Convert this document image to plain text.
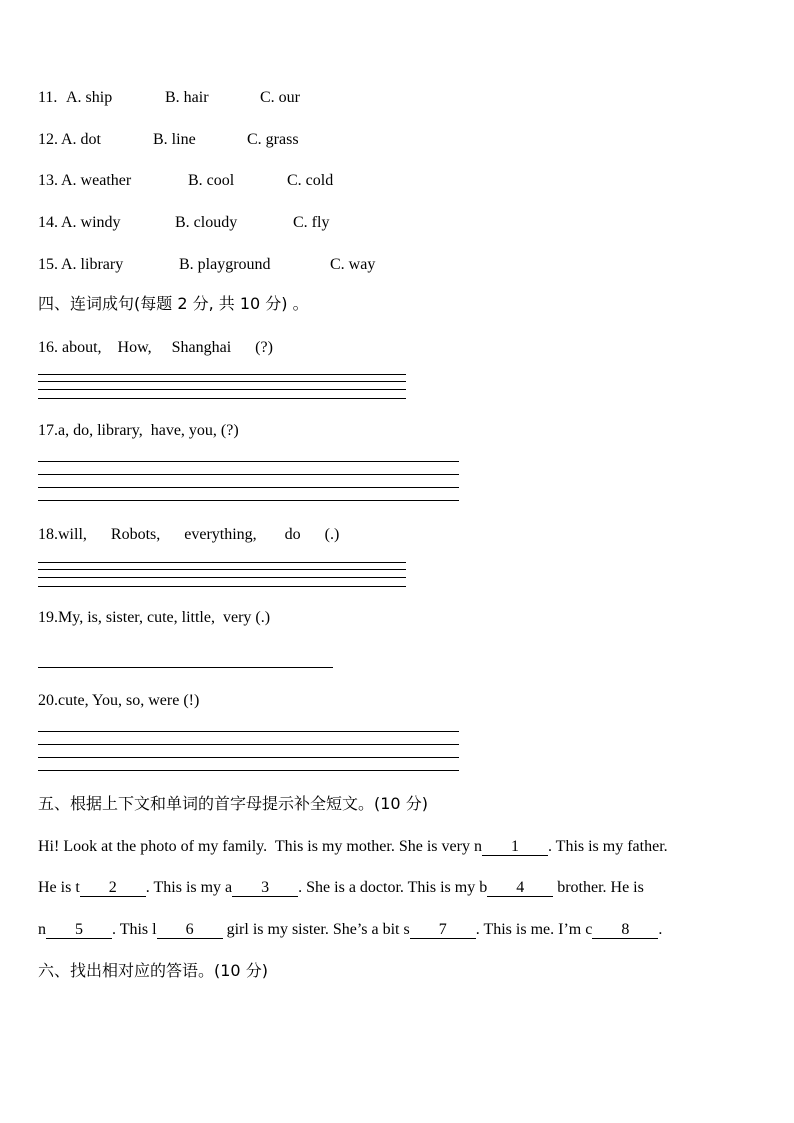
11. A. ship	B. hair	C. our
12. A. dot	B. line	C. grass
13. A. weather	B. cool	C. cold
14. A. windy	B. cloudy	C. fly
15. A. library	B. playground	C. way
四、连词成句(每题 2 分, 共 10 分) 。
16. about,    How,     Shanghai      (?)
17.a, do, library,  have, you, (?)
18.will,      Robots,      everything,       do      (.)
19.My, is, sister, cute, little,  very (.)
20.cute, You, so, were (!)
五、根据上下文和单词的首字母提示补全短文。(10 分)
Hi! Look at the photo of my family.  This is my mother. She is very n 1 . This is my father.
He is t 2 . This is my a 3 . She is a doctor. This is my b 4 brother. He is
n 5 . This l 6 girl is my sister. She’s a bit s 7 . This is me. I’m c 8 .
六、找出相对应的答语。(10 分)
